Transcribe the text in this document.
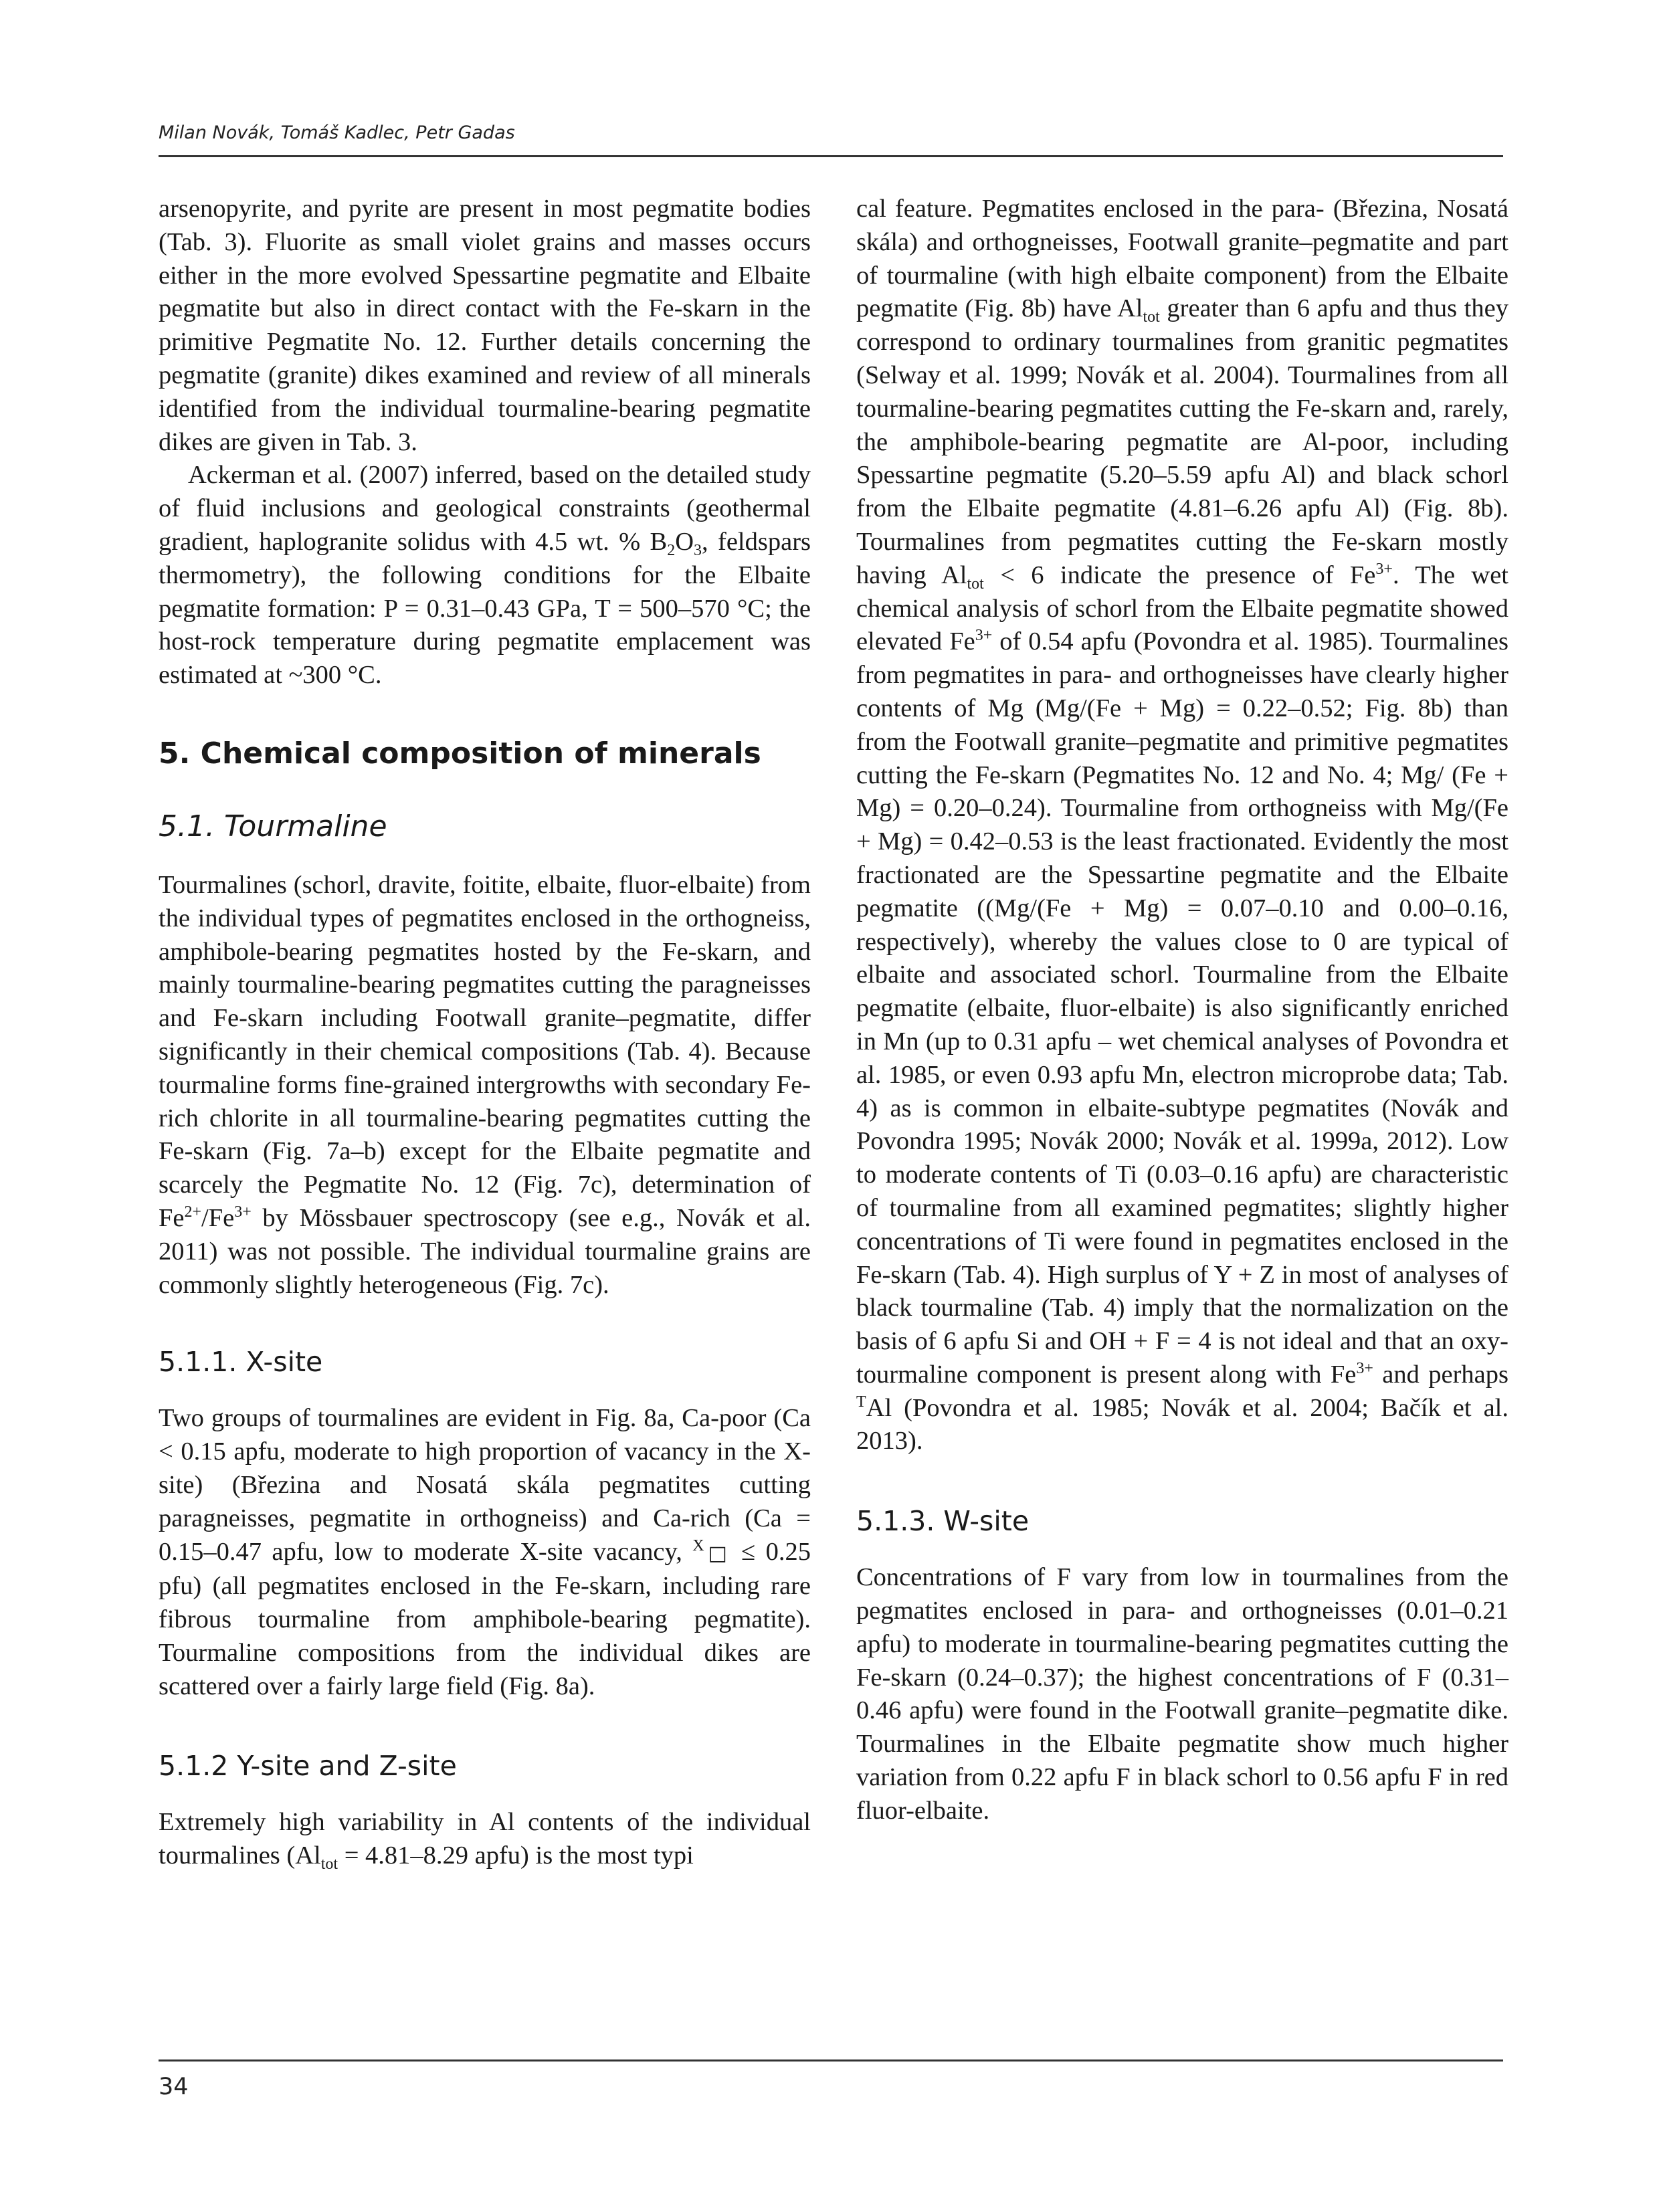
Milan Novák, Tomáš Kadlec, Petr Gadas

arsenopyrite, and pyrite are present in most pegmatite bodies (Tab. 3). Fluorite as small violet grains and masses occurs either in the more evolved Spessartine pegmatite and Elbaite pegmatite but also in direct contact with the Fe-skarn in the primitive Pegmatite No. 12. Further details concerning the pegmatite (granite) dikes examined and review of all minerals identified from the individual tourmaline-bearing pegmatite dikes are given in Tab. 3.

Ackerman et al. (2007) inferred, based on the detailed study of fluid inclusions and geological constraints (geothermal gradient, haplogranite solidus with 4.5 wt. % $B_2O_3$, feldspars thermometry), the following conditions for the Elbaite pegmatite formation: P = 0.31–0.43 GPa, T = 500–570 °C; the host-rock temperature during pegmatite emplacement was estimated at ~300 °C.

5. Chemical composition of minerals
5.1. Tourmaline

Tourmalines (schorl, dravite, foitite, elbaite, fluor-elbaite) from the individual types of pegmatites enclosed in the orthogneiss, amphibole-bearing pegmatites hosted by the Fe-skarn, and mainly tourmaline-bearing pegmatites cutting the paragneisses and Fe-skarn including Footwall granite–pegmatite, differ significantly in their chemical compositions (Tab. 4). Because tourmaline forms fine-grained intergrowths with secondary Fe-rich chlorite in all tourmaline-bearing pegmatites cutting the Fe-skarn (Fig. 7a–b) except for the Elbaite pegmatite and scarcely the Pegmatite No. 12 (Fig. 7c), determination of $Fe^{2+}/Fe^{3+}$ by Mössbauer spectroscopy (see e.g., Novák et al. 2011) was not possible. The individual tourmaline grains are commonly slightly heterogeneous (Fig. 7c).

5.1.1. X-site

Two groups of tourmalines are evident in Fig. 8a, Ca-poor (Ca < 0.15 apfu, moderate to high proportion of vacancy in the X-site) (Březina and Nosatá skála pegmatites cutting paragneisses, pegmatite in orthogneiss) and Ca-rich (Ca = 0.15–0.47 apfu, low to moderate X-site vacancy, $^X$□ ≤ 0.25 pfu) (all pegmatites enclosed in the Fe-skarn, including rare fibrous tourmaline from amphibole-bearing pegmatite). Tourmaline compositions from the individual dikes are scattered over a fairly large field (Fig. 8a).

5.1.2 Y-site and Z-site

Extremely high variability in Al contents of the individual tourmalines ($Al_{tot} = 4.81-8.29$ apfu) is the most typi

cal feature. Pegmatites enclosed in the para- (Březina, Nosatá skála) and orthogneisses, Footwall granite–pegmatite and part of tourmaline (with high elbaite component) from the Elbaite pegmatite (Fig. 8b) have $Al_{tot}$ greater than 6 apfu and thus they correspond to ordinary tourmalines from granitic pegmatites (Selway et al. 1999; Novák et al. 2004). Tourmalines from all tourmaline-bearing pegmatites cutting the Fe-skarn and, rarely, the amphibole-bearing pegmatite are Al-poor, including Spessartine pegmatite (5.20–5.59 apfu Al) and black schorl from the Elbaite pegmatite (4.81–6.26 apfu Al) (Fig. 8b). Tourmalines from pegmatites cutting the Fe-skarn mostly having $Al_{tot} < 6$ indicate the presence of $Fe^{3+}$. The wet chemical analysis of schorl from the Elbaite pegmatite showed elevated $Fe^{3+}$ of 0.54 apfu (Povondra et al. 1985). Tourmalines from pegmatites in para- and orthogneisses have clearly higher contents of Mg (Mg/(Fe + Mg) = 0.22–0.52; Fig. 8b) than from the Footwall granite–pegmatite and primitive pegmatites cutting the Fe-skarn (Pegmatites No. 12 and No. 4; Mg/ (Fe + Mg) = 0.20–0.24). Tourmaline from orthogneiss with Mg/(Fe + Mg) = 0.42–0.53 is the least fractionated. Evidently the most fractionated are the Spessartine pegmatite and the Elbaite pegmatite ((Mg/(Fe + Mg) = 0.07–0.10 and 0.00–0.16, respectively), whereby the values close to 0 are typical of elbaite and associated schorl. Tourmaline from the Elbaite pegmatite (elbaite, fluor-elbaite) is also significantly enriched in Mn (up to 0.31 apfu – wet chemical analyses of Povondra et al. 1985, or even 0.93 apfu Mn, electron microprobe data; Tab. 4) as is common in elbaite-subtype pegmatites (Novák and Povondra 1995; Novák 2000; Novák et al. 1999a, 2012). Low to moderate contents of Ti (0.03–0.16 apfu) are characteristic of tourmaline from all examined pegmatites; slightly higher concentrations of Ti were found in pegmatites enclosed in the Fe-skarn (Tab. 4). High surplus of Y + Z in most of analyses of black tourmaline (Tab. 4) imply that the normalization on the basis of 6 apfu Si and OH + F = 4 is not ideal and that an oxy-tourmaline component is present along with $Fe^{3+}$ and perhaps $^T$Al (Povondra et al. 1985; Novák et al. 2004; Bačík et al. 2013).

5.1.3. W-site

Concentrations of F vary from low in tourmalines from the pegmatites enclosed in para- and orthogneisses (0.01–0.21 apfu) to moderate in tourmaline-bearing pegmatites cutting the Fe-skarn (0.24–0.37); the highest concentrations of F (0.31–0.46 apfu) were found in the Footwall granite–pegmatite dike. Tourmalines in the Elbaite pegmatite show much higher variation from 0.22 apfu F in black schorl to 0.56 apfu F in red fluor-elbaite.

34
